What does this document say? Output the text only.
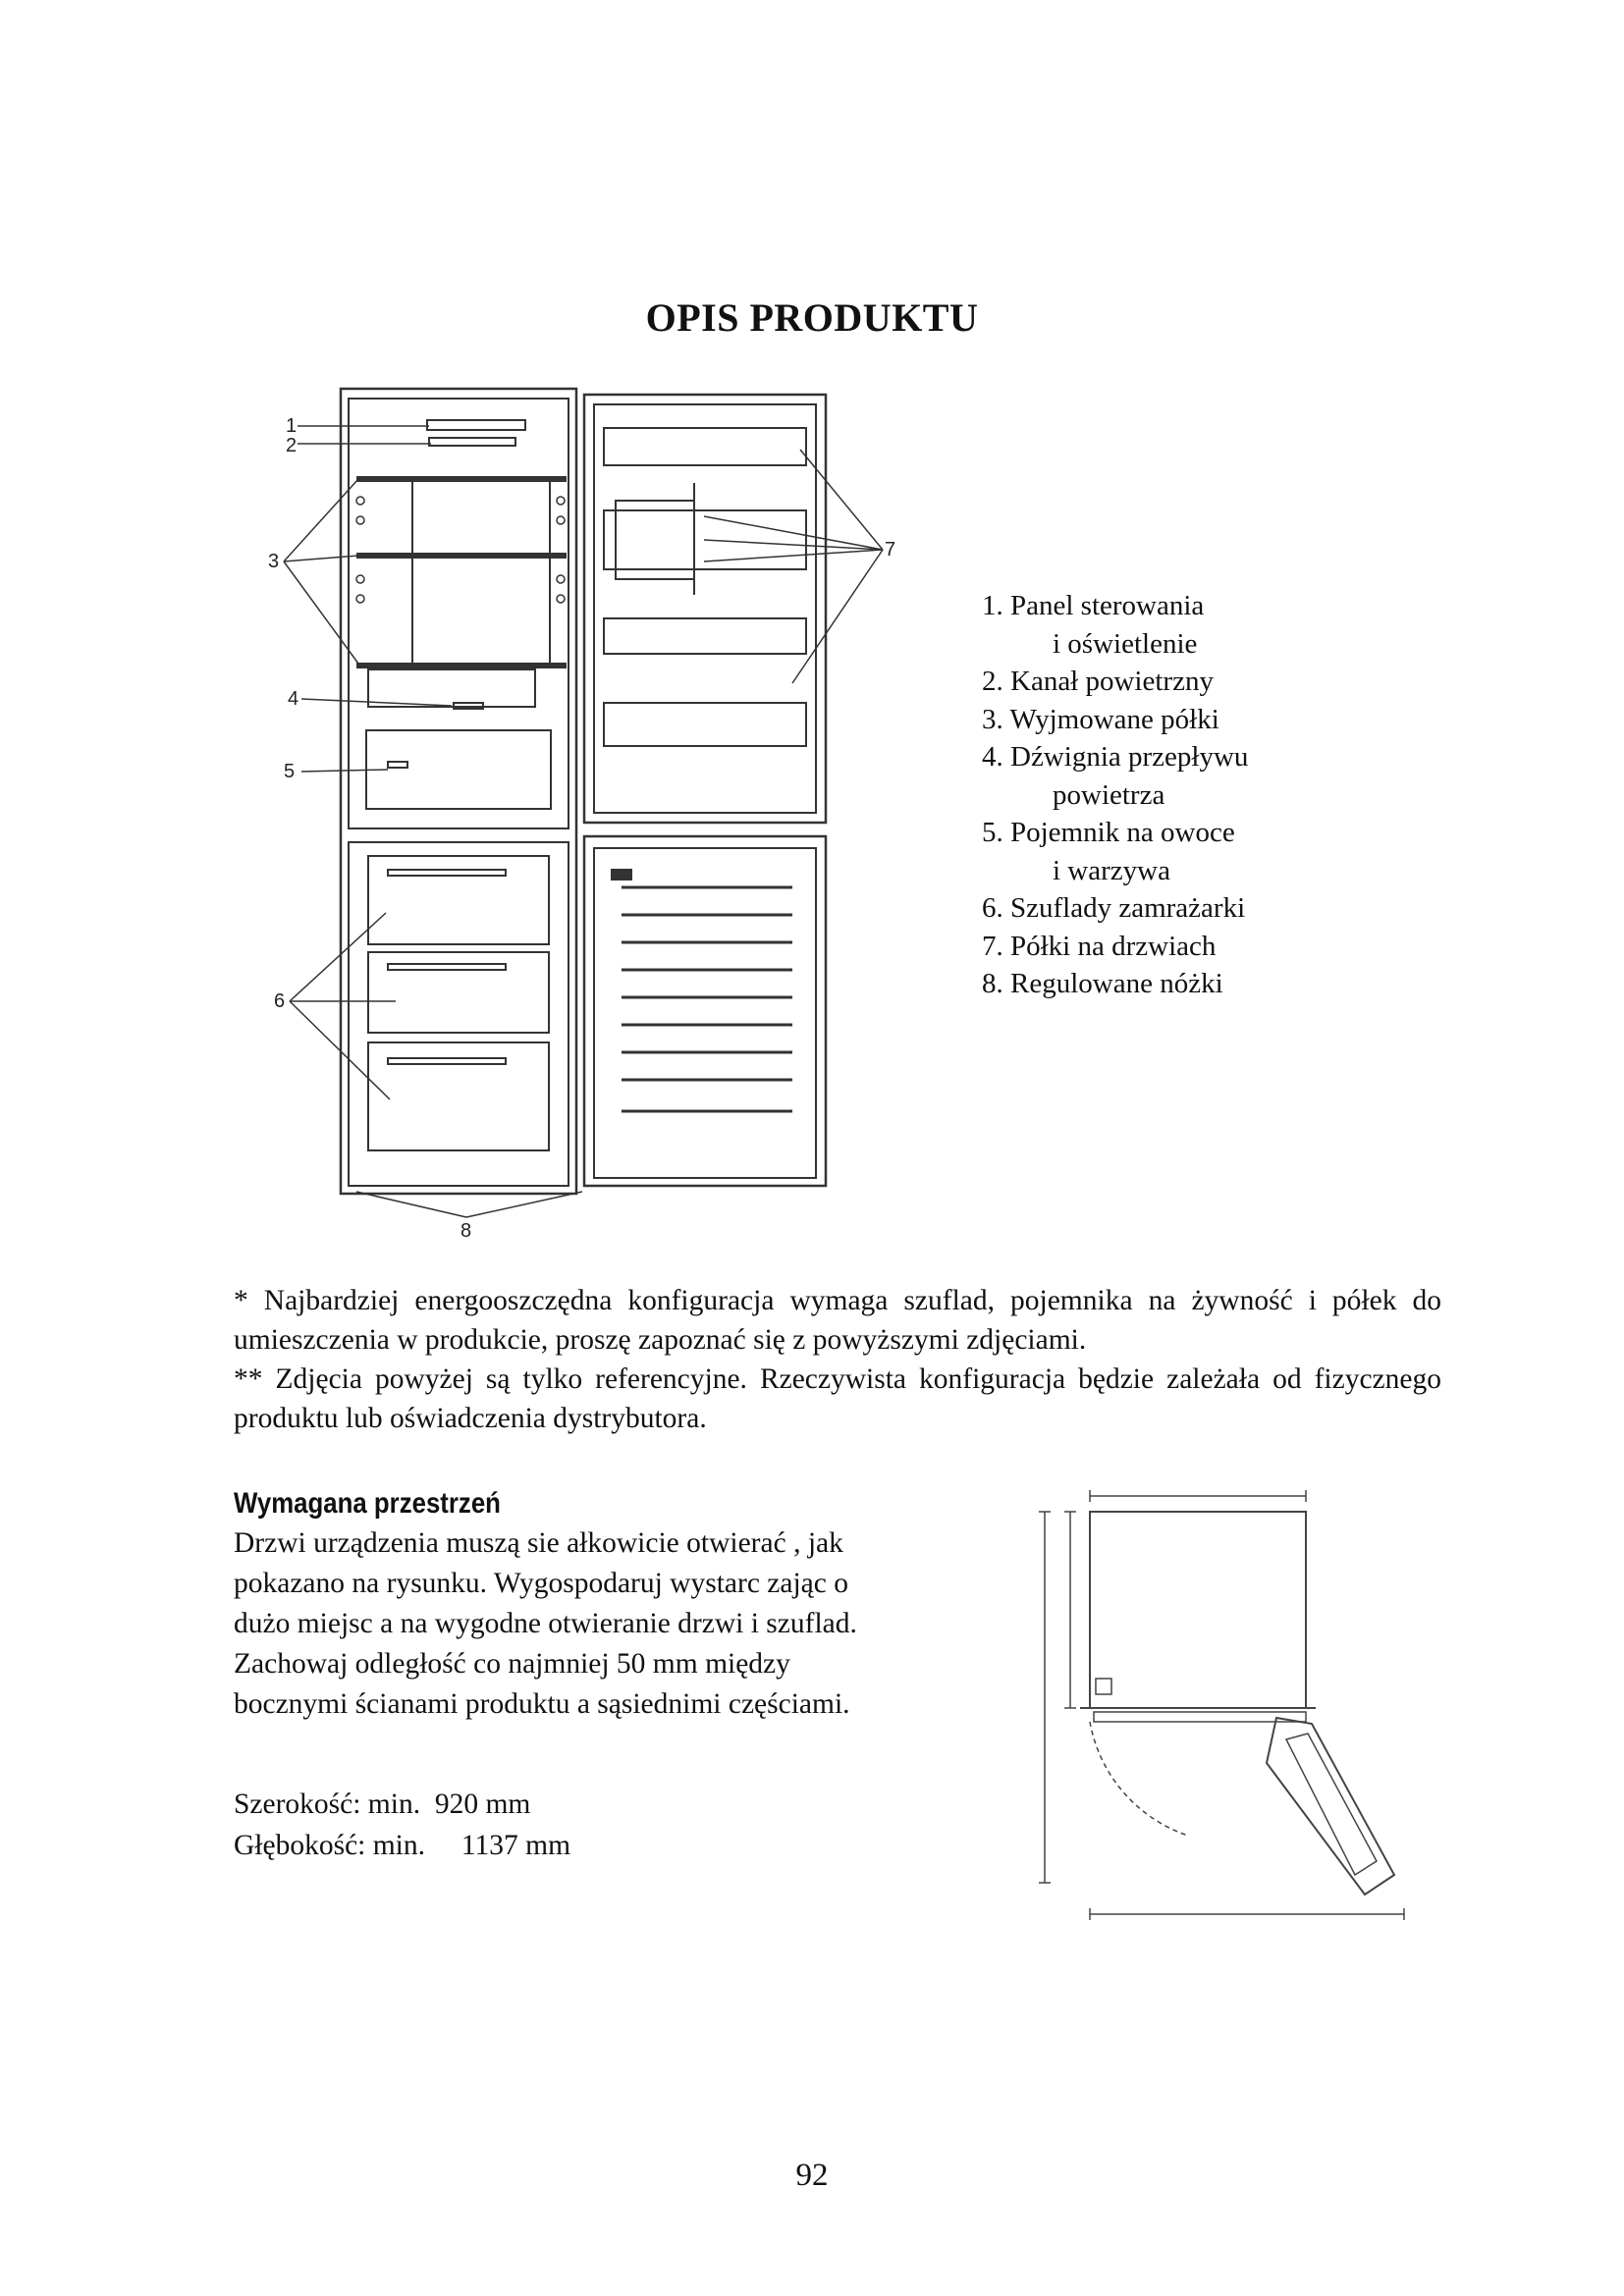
OPIS PRODUKTU
1
2
3
4
5
6
7
8
1. Panel sterowania
i oświetlenie
2. Kanał powietrzny
3. Wyjmowane półki
4. Dźwignia przepływu
powietrza
5. Pojemnik na owoce
i warzywa
6. Szuflady zamrażarki
7. Półki na drzwiach
8. Regulowane nóżki

* Najbardziej energooszczędna konfiguracja wymaga szuflad, pojemnika na żywność i półek do umieszczenia w produkcie, proszę zapoznać się z powyższymi zdjęciami.

** Zdjęcia powyżej są tylko referencyjne. Rzeczywista konfiguracja będzie zależała od fizycznego produktu lub oświadczenia dystrybutora.

Wymagana przestrzeń

Drzwi urządzenia muszą sie ałkowicie otwierać , jak

pokazano na rysunku. Wygospodaruj wystarc zając o

dużo miejsc a na wygodne otwieranie drzwi i szuflad.

Zachowaj odległość co najmniej 50 mm między

bocznymi ścianami produktu a sąsiednimi częściami.

Szerokość: min.  920 mm

Głębokość: min.     1137 mm

92
